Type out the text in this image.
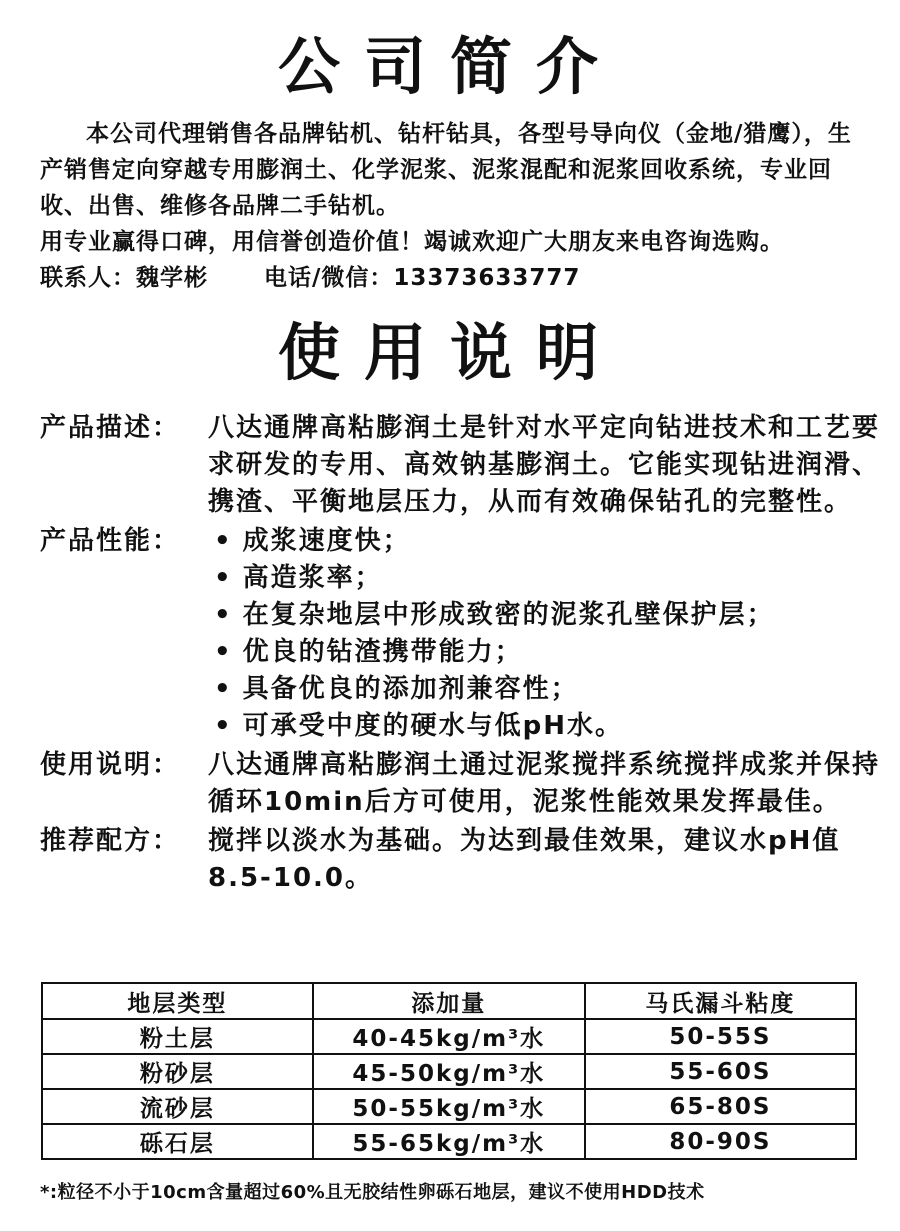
公司简介

本公司代理销售各品牌钻机、钻杆钻具，各型号导向仪（金地/猎鹰），生产销售定向穿越专用膨润土、化学泥浆、泥浆混配和泥浆回收系统，专业回收、出售、维修各品牌二手钻机。

用专业赢得口碑，用信誉创造价值！竭诚欢迎广大朋友来电咨询选购。

联系人：魏学彬 电话/微信：13373633777

使用说明
产品描述：	八达通牌高粘膨润土是针对水平定向钻进技术和工艺要求研发的专用、高效钠基膨润土。它能实现钻进润滑、携渣、平衡地层压力，从而有效确保钻孔的完整性。
产品性能：	• 成浆速度快；
• 高造浆率；
• 在复杂地层中形成致密的泥浆孔壁保护层；
• 优良的钻渣携带能力；
• 具备优良的添加剂兼容性；
• 可承受中度的硬水与低pH水。
使用说明：	八达通牌高粘膨润土通过泥浆搅拌系统搅拌成浆并保持循环10min后方可使用，泥浆性能效果发挥最佳。
推荐配方：	搅拌以淡水为基础。为达到最佳效果，建议水pH值8.5-10.0。
地层类型	添加量	马氏漏斗粘度
粉土层	40-45kg/m³水	50-55S
粉砂层	45-50kg/m³水	55-60S
流砂层	50-55kg/m³水	65-80S
砾石层	55-65kg/m³水	80-90S
*:粒径不小于10cm含量超过60%且无胶结性卵砾石地层，建议不使用HDD技术
